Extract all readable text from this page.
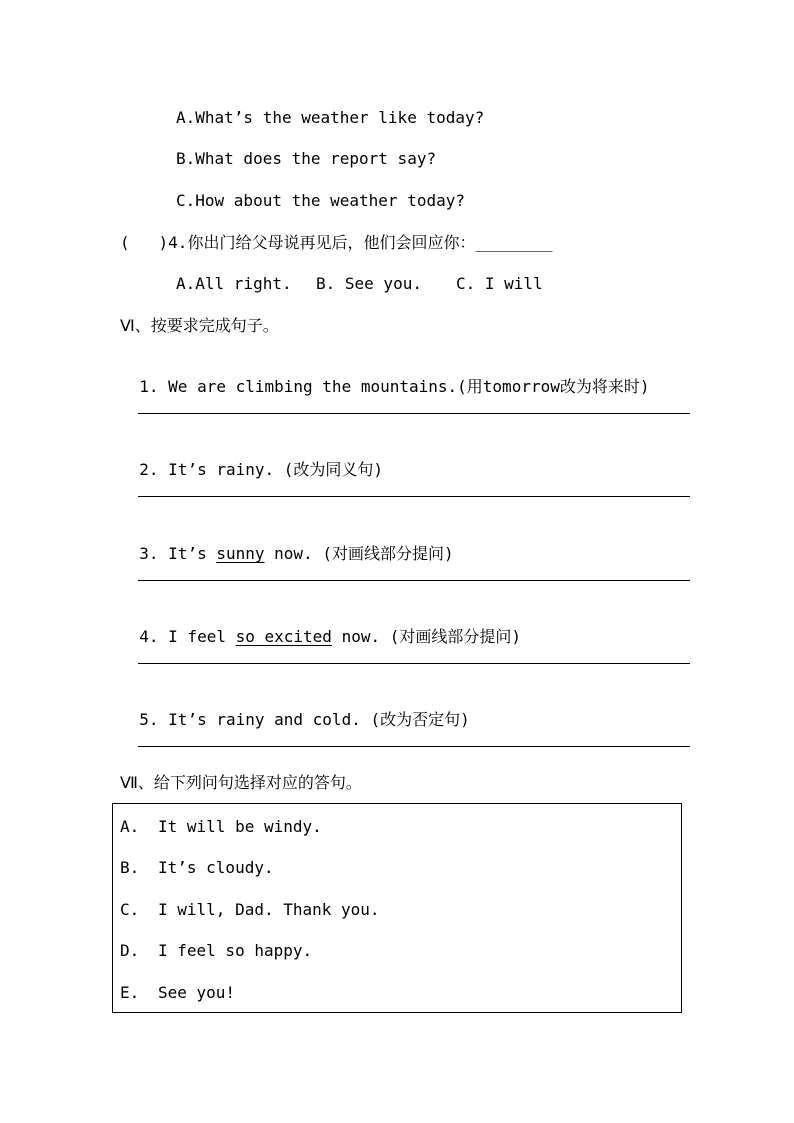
A.What’s the weather like today?
B.What does the report say?
C.How about the weather today?
(   )4.你出门给父母说再见后，他们会回应你：________
A.All right. B. See you. C. I will
Ⅵ、按要求完成句子。

1. We are climbing the mountains.(用tomorrow改为将来时)

2. It’s rainy. (改为同义句)

3. It’s sunny now. (对画线部分提问)

4. I feel so excited now. (对画线部分提问)

5. It’s rainy and cold. (改为否定句)

Ⅶ、给下列问句选择对应的答句。
A. It will be windy.
B. It’s cloudy.
C. I will, Dad. Thank you.
D. I feel so happy.
E. See you!
